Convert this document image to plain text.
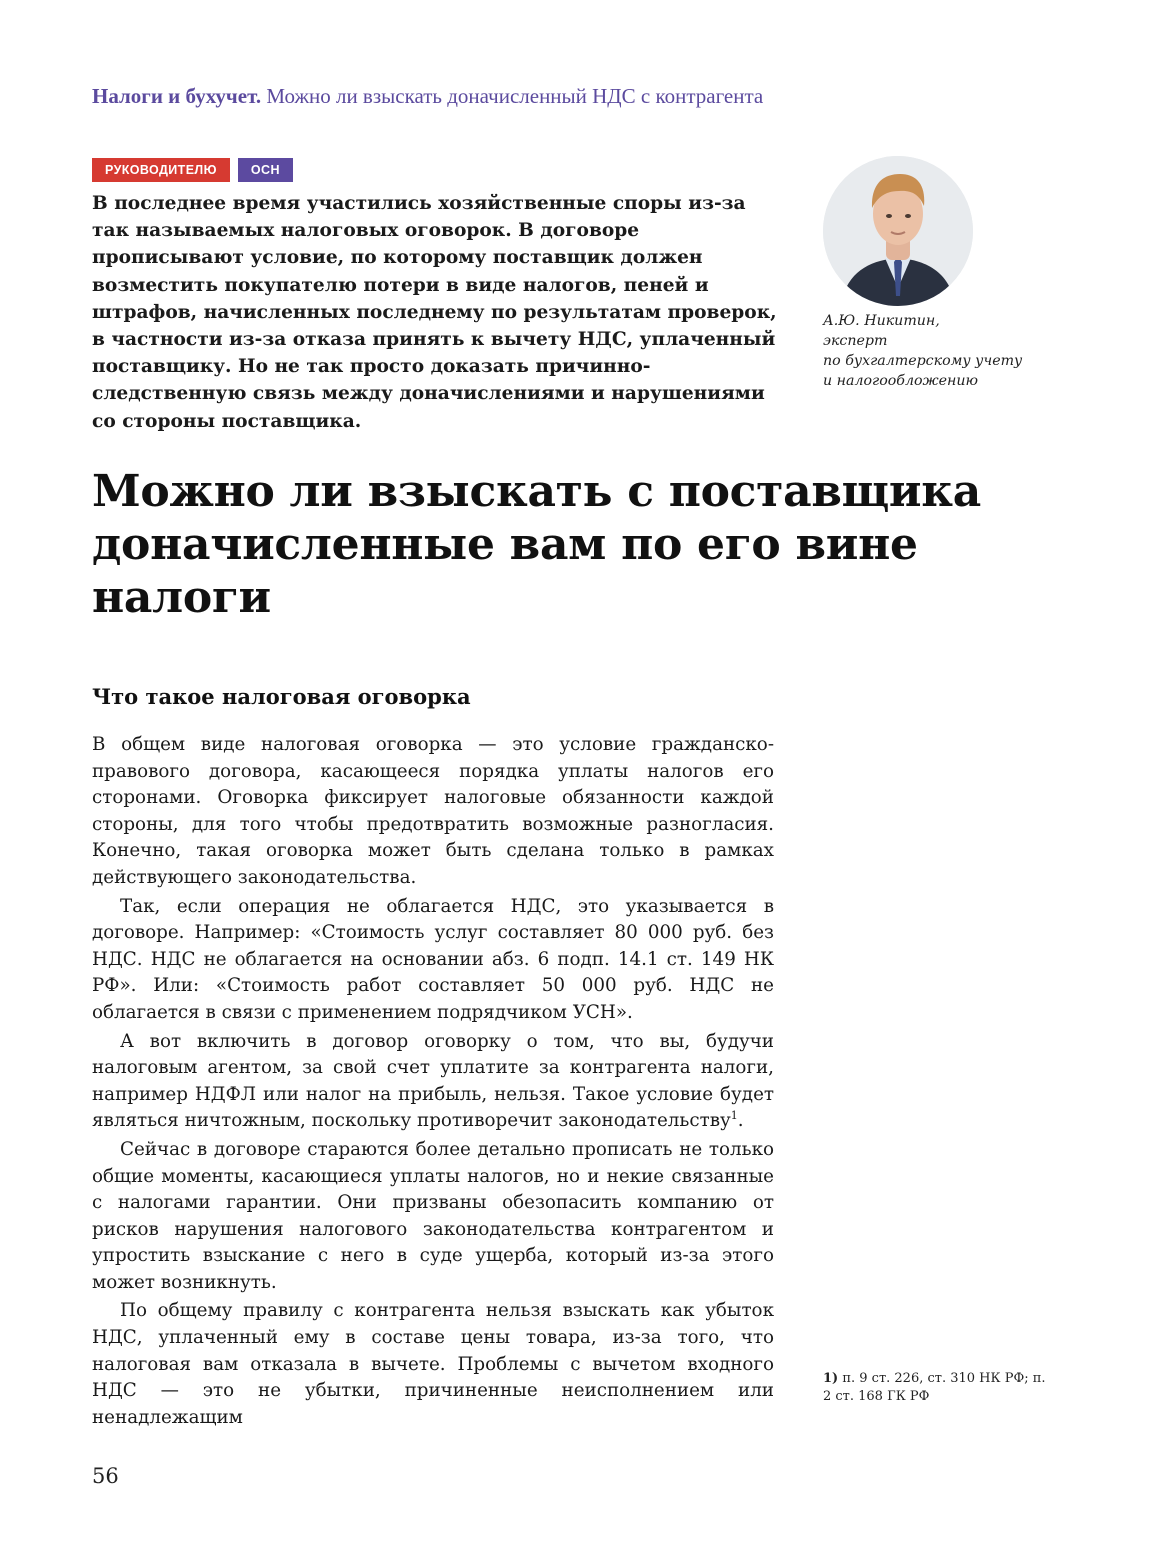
Налоги и бухучет. Можно ли взыскать доначисленный НДС с контрагента
РУКОВОДИТЕЛЮ	ОСН

В последнее время участились хозяйственные споры из-за так называемых налоговых оговорок. В договоре прописывают условие, по которому поставщик должен возместить покупателю потери в виде налогов, пеней и штрафов, начисленных последнему по результатам проверок, в частности из-за отказа принять к вычету НДС, уплаченный поставщику. Но не так просто доказать причинно-следственную связь между доначислениями и нарушениями со стороны поставщика.

А.Ю. Никитин,
эксперт
по бухгалтерскому учету
и налогообложению
Можно ли взыскать с поставщика доначисленные вам по его вине налоги
Что такое налоговая оговорка

В общем виде налоговая оговорка — это условие гражданско-правового договора, касающееся порядка уплаты налогов его сторонами. Оговорка фиксирует налоговые обязанности каждой стороны, для того чтобы предотвратить возможные разногласия. Конечно, такая оговорка может быть сделана только в рамках действующего законодательства.

Так, если операция не облагается НДС, это указывается в договоре. Например: «Стоимость услуг составляет 80 000 руб. без НДС. НДС не облагается на основании абз. 6 подп. 14.1 ст. 149 НК РФ». Или: «Стоимость работ составляет 50 000 руб. НДС не облагается в связи с применением подрядчиком УСН».

А вот включить в договор оговорку о том, что вы, будучи налоговым агентом, за свой счет уплатите за контрагента налоги, например НДФЛ или налог на прибыль, нельзя. Такое условие будет являться ничтожным, поскольку противоречит законодательству$^1$.

Сейчас в договоре стараются более детально прописать не только общие моменты, касающиеся уплаты налогов, но и некие связанные с налогами гарантии. Они призваны обезопасить компанию от рисков нарушения налогового законодательства контрагентом и упростить взыскание с него в суде ущерба, который из-за этого может возникнуть.

По общему правилу с контрагента нельзя взыскать как убыток НДС, уплаченный ему в составе цены товара, из-за того, что налоговая вам отказала в вычете. Проблемы с вычетом входного НДС — это не убытки, причиненные неисполнением или ненадлежащим

1) п. 9 ст. 226, ст. 310 НК РФ; п. 2 ст. 168 ГК РФ
56
